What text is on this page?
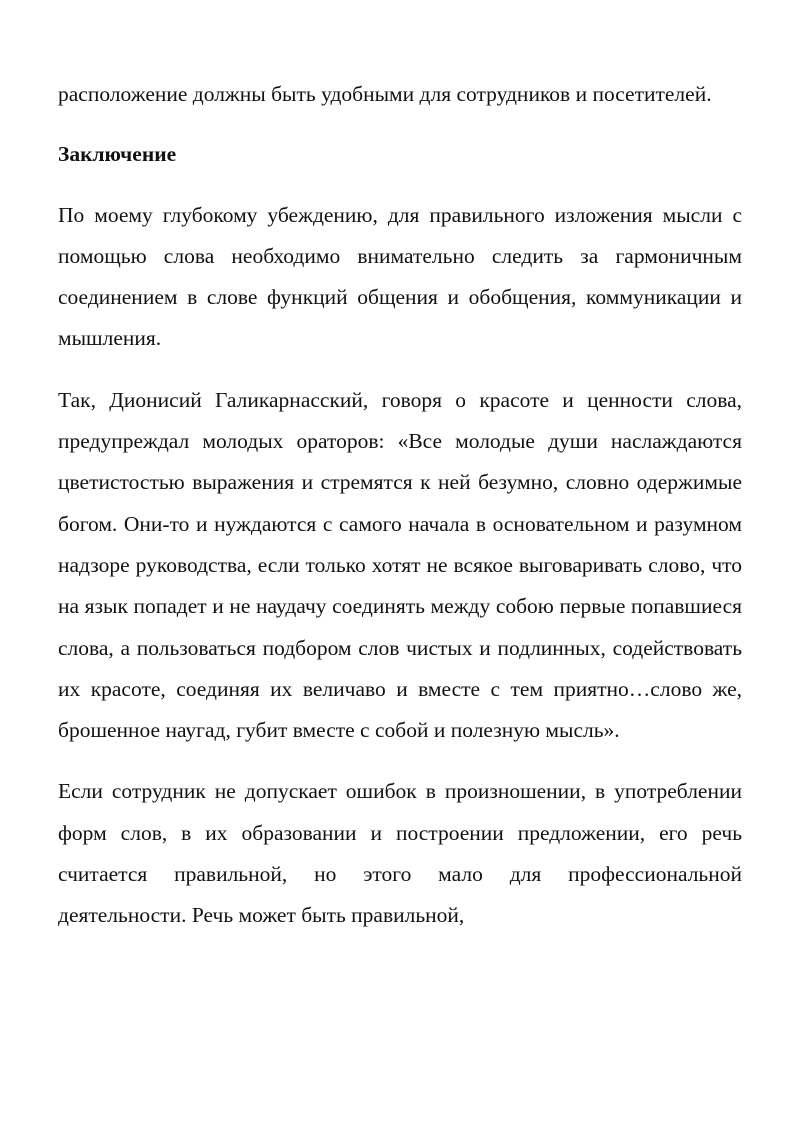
расположение должны быть удобными для сотрудников и посетителей.

Заключение

По моему глубокому убеждению, для правильного изложения мысли с помощью слова необходимо внимательно следить за гармоничным соединением в слове функций общения и обобщения, коммуникации и мышления.

Так, Дионисий Галикарнасский, говоря о красоте и ценности слова, предупреждал молодых ораторов: «Все молодые души наслаждаются цветистостью выражения и стремятся к ней безумно, словно одержимые богом. Они-то и нуждаются с самого начала в основательном и разумном надзоре руководства, если только хотят не всякое выговаривать слово, что на язык попадет и не наудачу соединять между собою первые попавшиеся слова, а пользоваться подбором слов чистых и подлинных, содействовать их красоте, соединяя их величаво и вместе с тем приятно…слово же, брошенное наугад, губит вместе с собой и полезную мысль».

Если сотрудник не допускает ошибок в произношении, в употреблении форм слов, в их образовании и построении предложении, его речь считается правильной, но этого мало для профессиональной деятельности. Речь может быть правильной,
